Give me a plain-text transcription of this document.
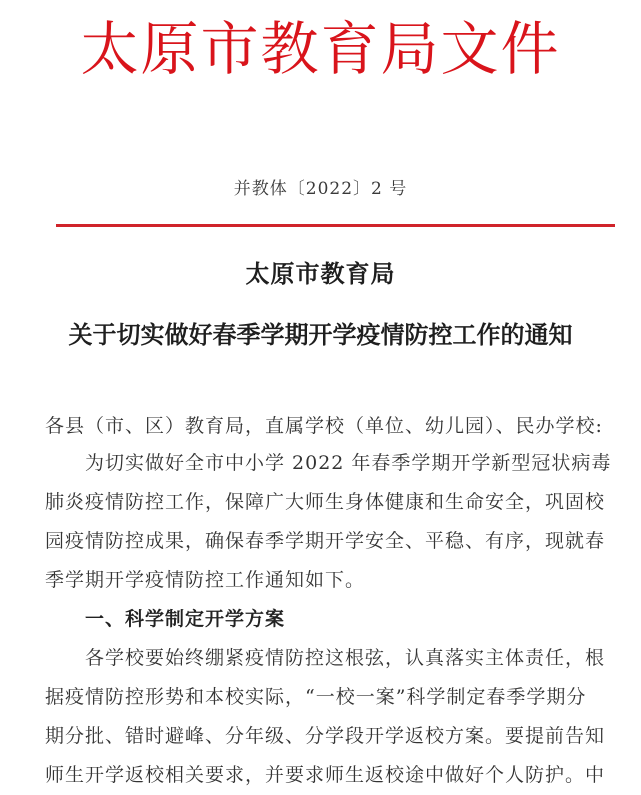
太原市教育局文件
并教体〔2022〕2 号
太原市教育局
关于切实做好春季学期开学疫情防控工作的通知
各县（市、区）教育局，直属学校（单位、幼儿园）、民办学校:
为切实做好全市中小学 2022 年春季学期开学新型冠状病毒
肺炎疫情防控工作，保障广大师生身体健康和生命安全，巩固校
园疫情防控成果，确保春季学期开学安全、平稳、有序，现就春
季学期开学疫情防控工作通知如下。
一、科学制定开学方案
各学校要始终绷紧疫情防控这根弦，认真落实主体责任，根
据疫情防控形势和本校实际，“一校一案”科学制定春季学期分
期分批、错时避峰、分年级、分学段开学返校方案。要提前告知
师生开学返校相关要求，并要求师生返校途中做好个人防护。中
